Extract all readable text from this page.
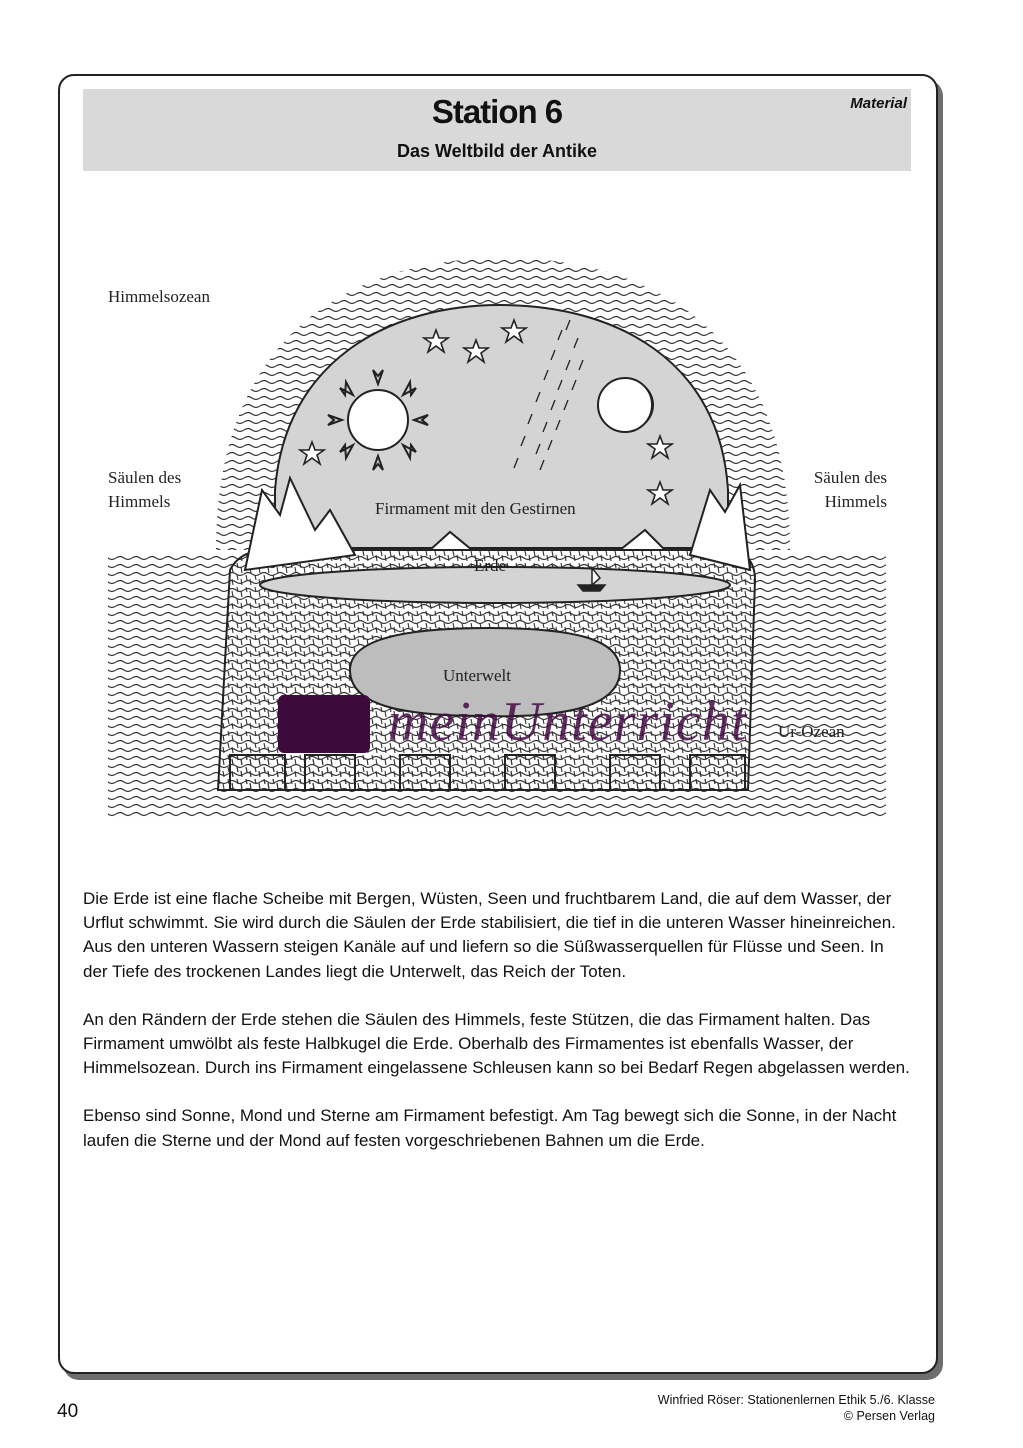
Station 6
Das Weltbild der Antike
Material
Himmelsozean
Säulen des
Himmels
Säulen des
Himmels
Firmament mit den Gestirnen
Erde
Unterwelt
Ur-Ozean
meinUnterricht

Die Erde ist eine flache Scheibe mit Bergen, Wüsten, Seen und fruchtbarem Land, die auf dem Wasser, der Urflut schwimmt. Sie wird durch die Säulen der Erde stabilisiert, die tief in die unteren Wasser hineinreichen. Aus den unteren Wassern steigen Kanäle auf und liefern so die Süßwasserquellen für Flüsse und Seen. In der Tiefe des trockenen Landes liegt die Unterwelt, das Reich der Toten.

An den Rändern der Erde stehen die Säulen des Himmels, feste Stützen, die das Firmament halten. Das Firmament umwölbt als feste Halbkugel die Erde. Oberhalb des Firmamentes ist ebenfalls Wasser, der Himmelsozean. Durch ins Firmament eingelassene Schleusen kann so bei Bedarf Regen abgelassen werden.

Ebenso sind Sonne, Mond und Sterne am Firmament befestigt. Am Tag bewegt sich die Sonne, in der Nacht laufen die Sterne und der Mond auf festen vorgeschriebenen Bahnen um die Erde.

40
Winfried Röser: Stationenlernen Ethik 5./6. Klasse
© Persen Verlag
